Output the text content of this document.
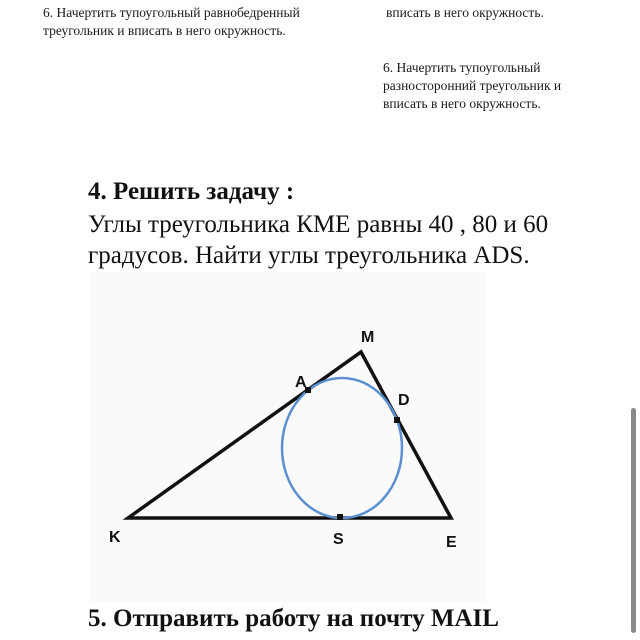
6. Начертить тупоугольный равнобедренный
треугольник и вписать в него окружность.
вписать в него окружность.
6. Начертить тупоугольный
разносторонний треугольник и
вписать в него окружность.
4. Решить задачу :
Углы треугольника КМЕ равны 40 , 80 и 60
градусов. Найти углы треугольника ADS.
M
A
D
K	S	E
5. Отправить работу на почту MAIL
